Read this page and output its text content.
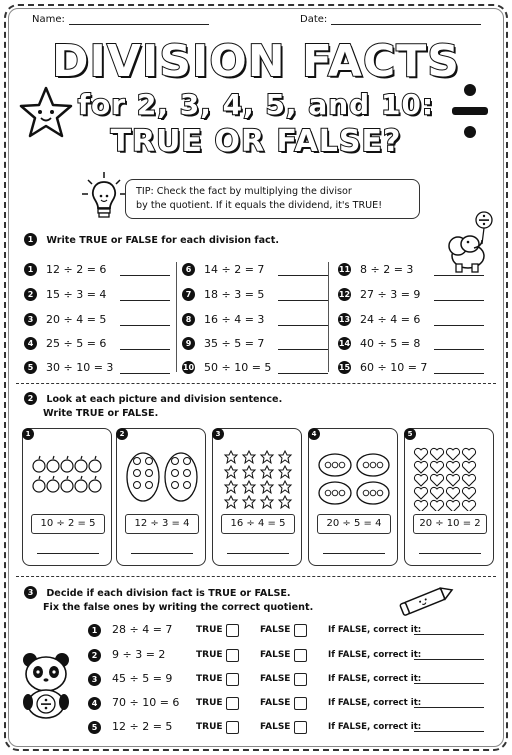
Name:	Date:
DIVISION FACTS
for 2, 3, 4, 5, and 10:
TRUE OR FALSE?
TIP: Check the fact by multiplying the divisor
by the quotient. If it equals the dividend, it's TRUE!
1 Write TRUE or FALSE for each division fact.
1	12 ÷ 2 = 6
2	15 ÷ 3 = 4
3	20 ÷ 4 = 5
4	25 ÷ 5 = 6
5	30 ÷ 10 = 3
6	14 ÷ 2 = 7
7	18 ÷ 3 = 5
8	16 ÷ 4 = 3
9	35 ÷ 5 = 7
10 50 ÷ 10 = 5
11 8 ÷ 2 = 3
12 27 ÷ 3 = 9
13 24 ÷ 4 = 6
14 40 ÷ 5 = 8
15 60 ÷ 10 = 7
2 Look at each picture and division sentence.
Write TRUE or FALSE.
1
10 ÷ 2 = 5
2
12 ÷ 3 = 4
3
16 ÷ 4 = 5
4
20 ÷ 5 = 4
5
20 ÷ 10 = 2
3 Decide if each division fact is TRUE or FALSE.
Fix the false ones by writing the correct quotient.
1	28 ÷ 4 = 7	TRUE	FALSE	If FALSE, correct it:
2	9 ÷ 3 = 2	TRUE	FALSE	If FALSE, correct it:
3	45 ÷ 5 = 9	TRUE	FALSE	If FALSE, correct it:
4	70 ÷ 10 = 6 TRUE	FALSE	If FALSE, correct it:
5	12 ÷ 2 = 5	TRUE	FALSE	If FALSE, correct it:
